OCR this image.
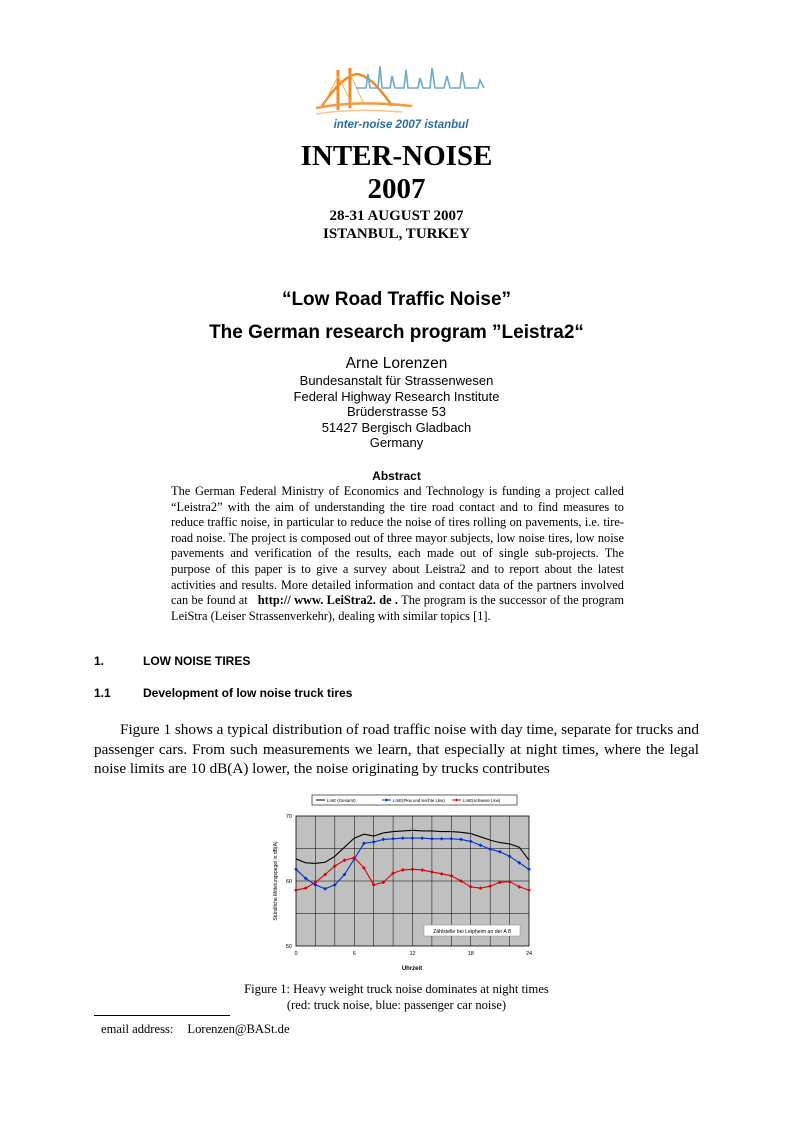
inter-noise 2007 istanbul
INTER-NOISE
2007
28-31 AUGUST 2007
ISTANBUL, TURKEY
“Low Road Traffic Noise”
The German research program ”Leistra2“
Arne Lorenzen
Bundesanstalt für Strassenwesen
Federal Highway Research Institute
Brüderstrasse 53
51427 Bergisch Gladbach
Germany
Abstract

The German Federal Ministry of Economics and Technology is funding a project called “Leistra2” with the aim of understanding the tire road contact and to find measures to reduce traffic noise, in particular to reduce the noise of tires rolling on pavements, i.e. tire-road noise. The project is composed out of three mayor subjects, low noise tires, low noise pavements and verification of the results, each made out of single sub-projects. The purpose of this paper is to give a survey about Leistra2 and to report about the latest activities and results. More detailed information and contact data of the partners involved can be found at http:// www. LeiStra2. de . The program is the successor of the program LeiStra (Leiser Strassenverkehr), dealing with similar topics [1].

1.	LOW NOISE TIRES
1.1	Development of low noise truck tires

Figure 1 shows a typical distribution of road traffic noise with day time, separate for trucks and passenger cars. From such measurements we learn, that especially at night times, where the legal noise limits are 10 dB(A) lower, the noise originating by trucks contributes

LmE (Gesamt)	LmE(Pkw und leichte Lkw)	LmE(schwere Lkw)
0	6	12	18	24
50
60
70
Zählstelle bei Leipheim an der A 8
Stündliche Mittelungspegel in dB(A)
Uhrzeit
Figure 1: Heavy weight truck noise dominates at night times
(red: truck noise, blue: passenger car noise)
email address: Lorenzen@BASt.de
